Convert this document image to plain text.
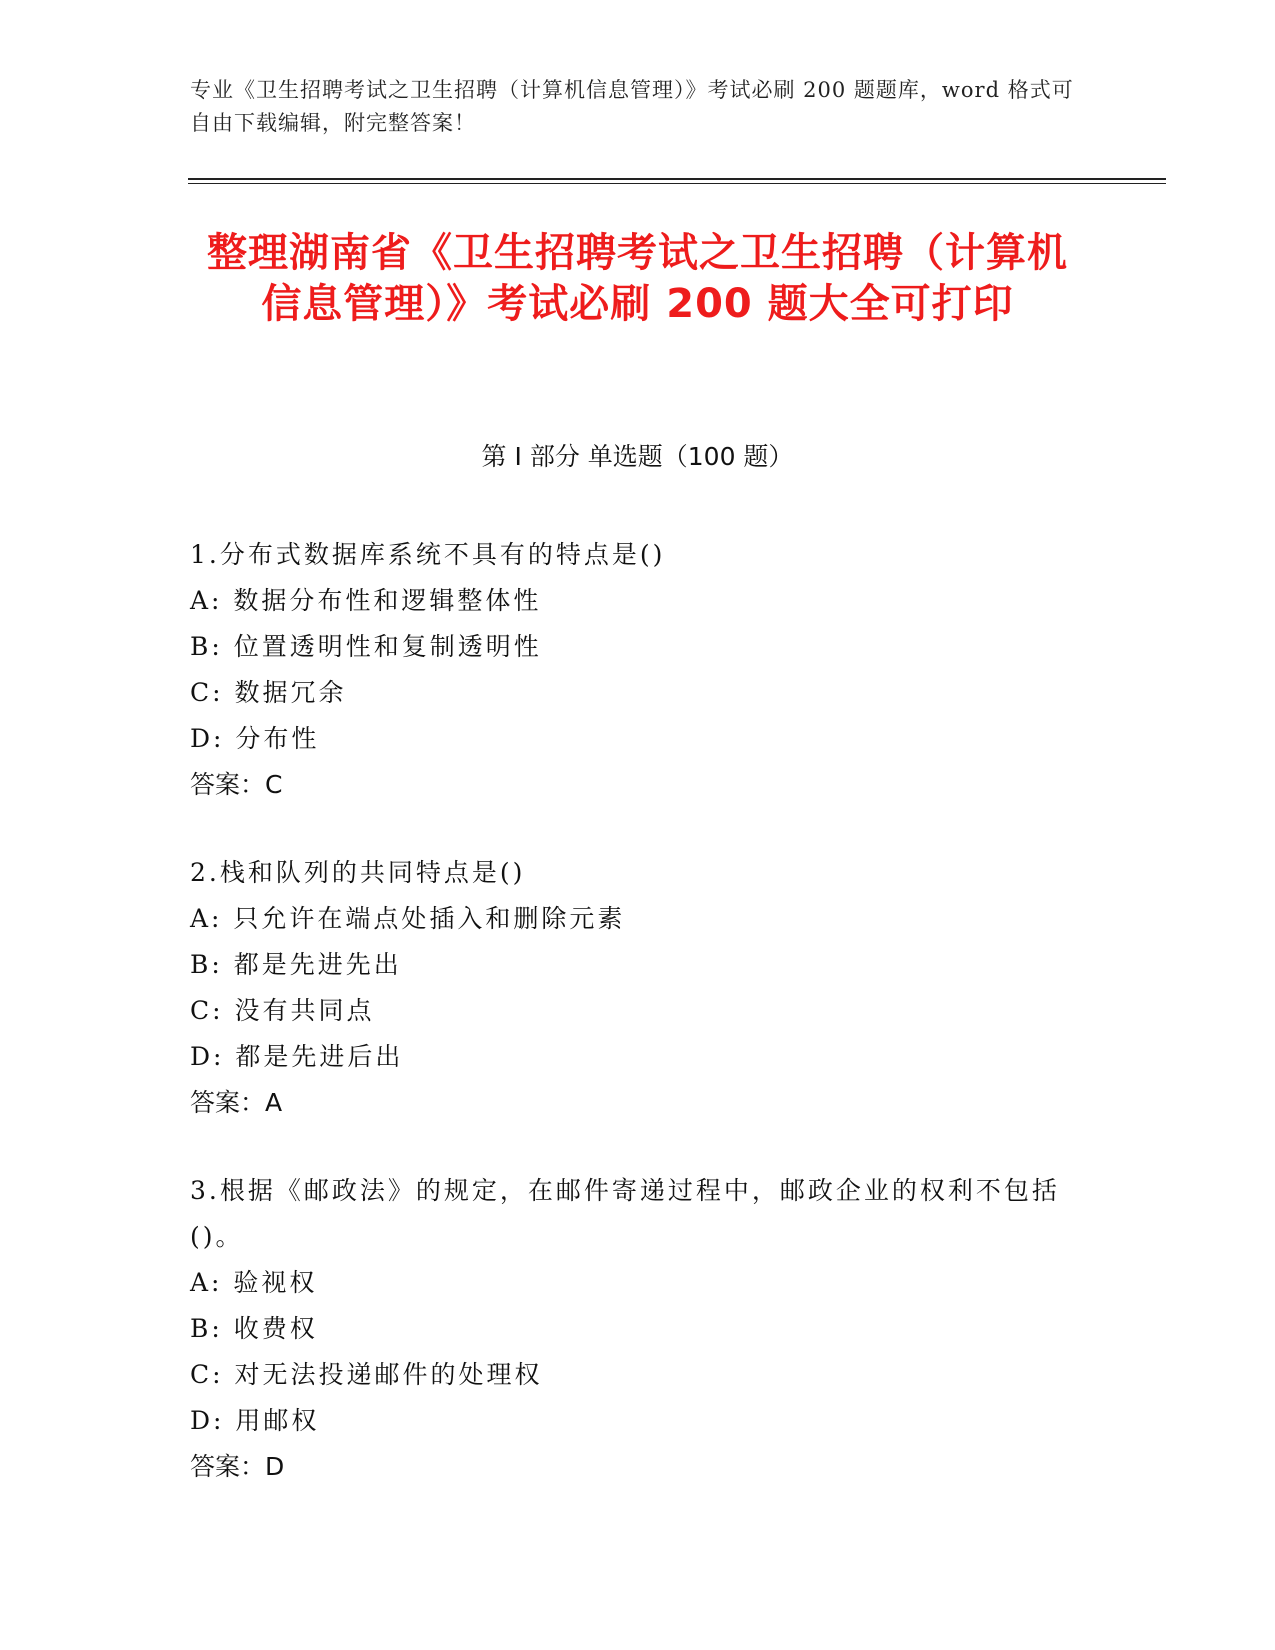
专业《卫生招聘考试之卫生招聘（计算机信息管理）》考试必刷 200 题题库，word 格式可自由下载编辑，附完整答案！
整理湖南省《卫生招聘考试之卫生招聘（计算机信息管理）》考试必刷 200 题大全可打印
第 I 部分 单选题（100 题）
1.分布式数据库系统不具有的特点是()
A: 数据分布性和逻辑整体性
B: 位置透明性和复制透明性
C: 数据冗余
D: 分布性
答案：C
2.栈和队列的共同特点是()
A: 只允许在端点处插入和删除元素
B: 都是先进先出
C: 没有共同点
D: 都是先进后出
答案：A
3.根据《邮政法》的规定，在邮件寄递过程中，邮政企业的权利不包括()。
A: 验视权
B: 收费权
C: 对无法投递邮件的处理权
D: 用邮权
答案：D
